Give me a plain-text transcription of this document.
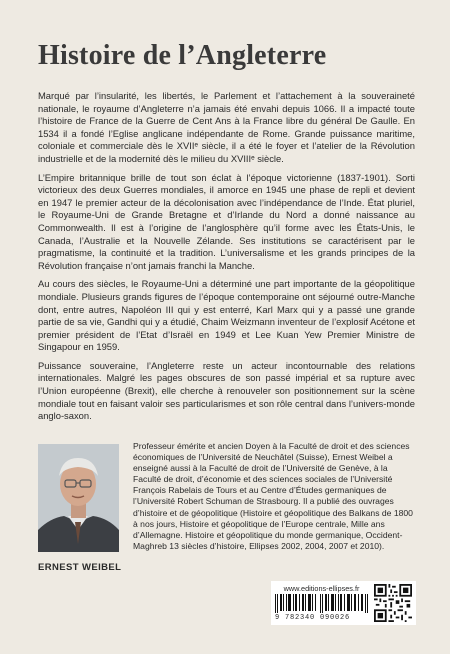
Histoire de l’Angleterre

Marqué par l’insularité, les libertés, le Parlement et l’attachement à la souveraineté nationale, le royaume d’Angleterre n’a jamais été envahi depuis 1066. Il a impacté toute l’histoire de France de la Guerre de Cent Ans à la France libre du général De Gaulle. En 1534 il a fondé l’Eglise anglicane indépendante de Rome. Grande puissance maritime, coloniale et commerciale dès le XVIIᵉ siècle, il a été le foyer et l’atelier de la Révolution industrielle et de la modernité dès le milieu du XVIIIᵉ siècle.

L’Empire britannique brille de tout son éclat à l’époque victorienne (1837-1901). Sorti victorieux des deux Guerres mondiales, il amorce en 1945 une phase de repli et devient en 1947 le premier acteur de la décolonisation avec l’indépendance de l’Inde. État pluriel, le Royaume-Uni de Grande Bretagne et d’Irlande du Nord a donné naissance au Commonwealth. Il est à l’origine de l’anglosphère qu’il forme avec les États-Unis, le Canada, l’Australie et la Nouvelle Zélande. Ses institutions se caractérisent par le pragmatisme, la continuité et la tradition. L’universalisme et les grands principes de la Révolution française n’ont jamais franchi la Manche.

Au cours des siècles, le Royaume-Uni a déterminé une part importante de la géopolitique mondiale. Plusieurs grands figures de l’époque contemporaine ont séjourné outre-Manche dont, entre autres, Napoléon III qui y est enterré, Karl Marx qui y a passé une grande partie de sa vie, Gandhi qui y a étudié, Chaim Weizmann inventeur de l’explosif Acétone et premier président de l’Etat d’Israël en 1949 et Lee Kuan Yew Premier Ministre de Singapour en 1959.

Puissance souveraine, l’Angleterre reste un acteur incontournable des relations internationales. Malgré les pages obscures de son passé impérial et sa rupture avec l’Union européenne (Brexit), elle cherche à renouveler son positionnement sur la scène mondiale tout en faisant valoir ses particularismes et son rôle central dans l’univers-monde anglo-saxon.

ERNEST WEIBEL
Professeur émérite et ancien Doyen à la Faculté de droit et des sciences économiques de l’Université de Neuchâtel (Suisse), Ernest Weibel a enseigné aussi à la Faculté de droit de l’Université de Genève, à la Faculté de droit, d’économie et des sciences sociales de l’Université François Rabelais de Tours et au Centre d’Études germaniques de l’Université Robert Schuman de Strasbourg. Il a publié des ouvrages d’histoire et de géopolitique (Histoire et géopolitique des Balkans de 1800 à nos jours, Histoire et géopolitique de l’Europe centrale, Mille ans d’Allemagne. Histoire et géopolitique du monde germanique, Occident-Maghreb 13 siècles d’histoire, Ellipses 2002, 2004, 2007 et 2010).
www.editions-ellipses.fr
9 782340 090026
